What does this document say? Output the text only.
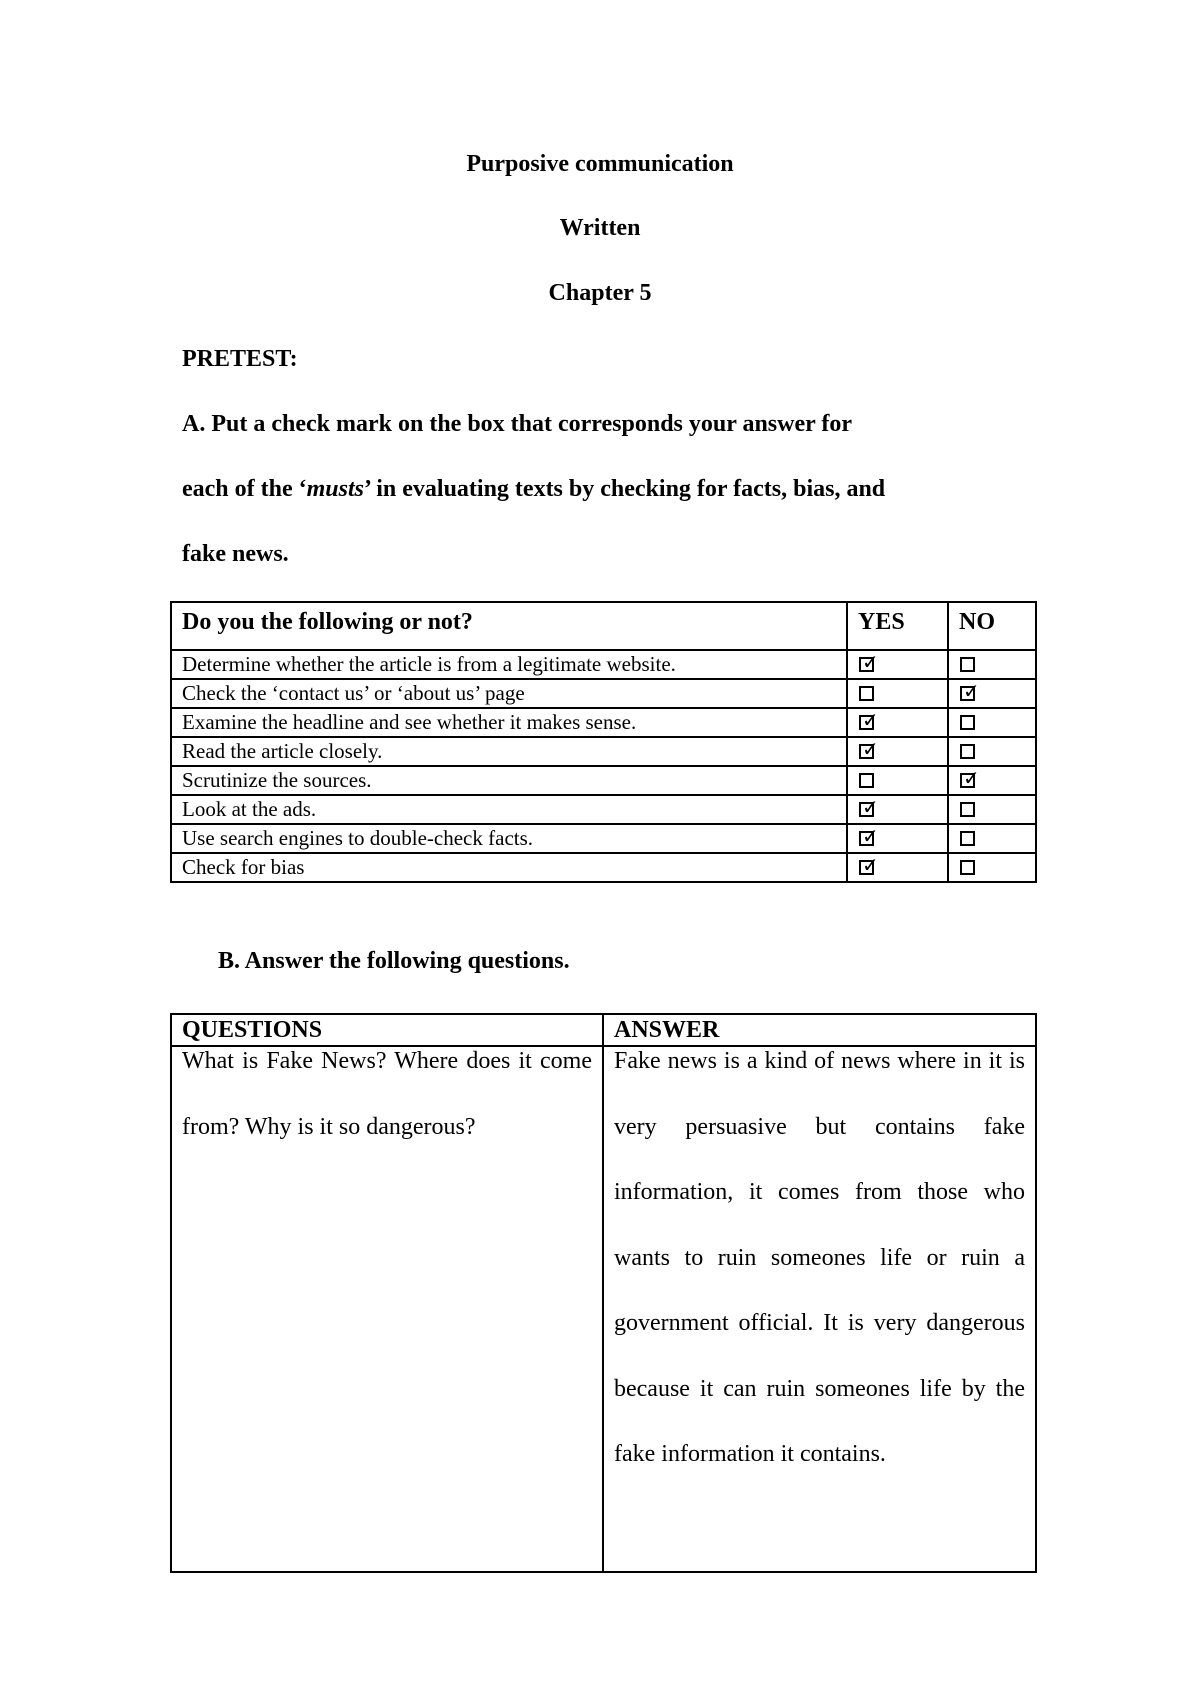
Purposive communication
Written
Chapter 5
PRETEST:
A. Put a check mark on the box that corresponds your answer for
each of the ‘musts’ in evaluating texts by checking for facts, bias, and
fake news.
Do you the following or not?	YES	NO
Determine whether the article is from a legitimate website.	✓	
Check the ‘contact us’ or ‘about us’ page		✓
Examine the headline and see whether it makes sense.	✓	
Read the article closely.	✓	
Scrutinize the sources.		✓
Look at the ads.	✓	
Use search engines to double-check facts.	✓	
Check for bias	✓	
B. Answer the following questions.
QUESTIONS	ANSWER

What is Fake News? Where does it come from? Why is it so dangerous?	Fake news is a kind of news where in it is very persuasive but contains fake information, it comes from those who wants to ruin someones life or ruin a government official. It is very dangerous because it can ruin someones life by the fake information it contains.
